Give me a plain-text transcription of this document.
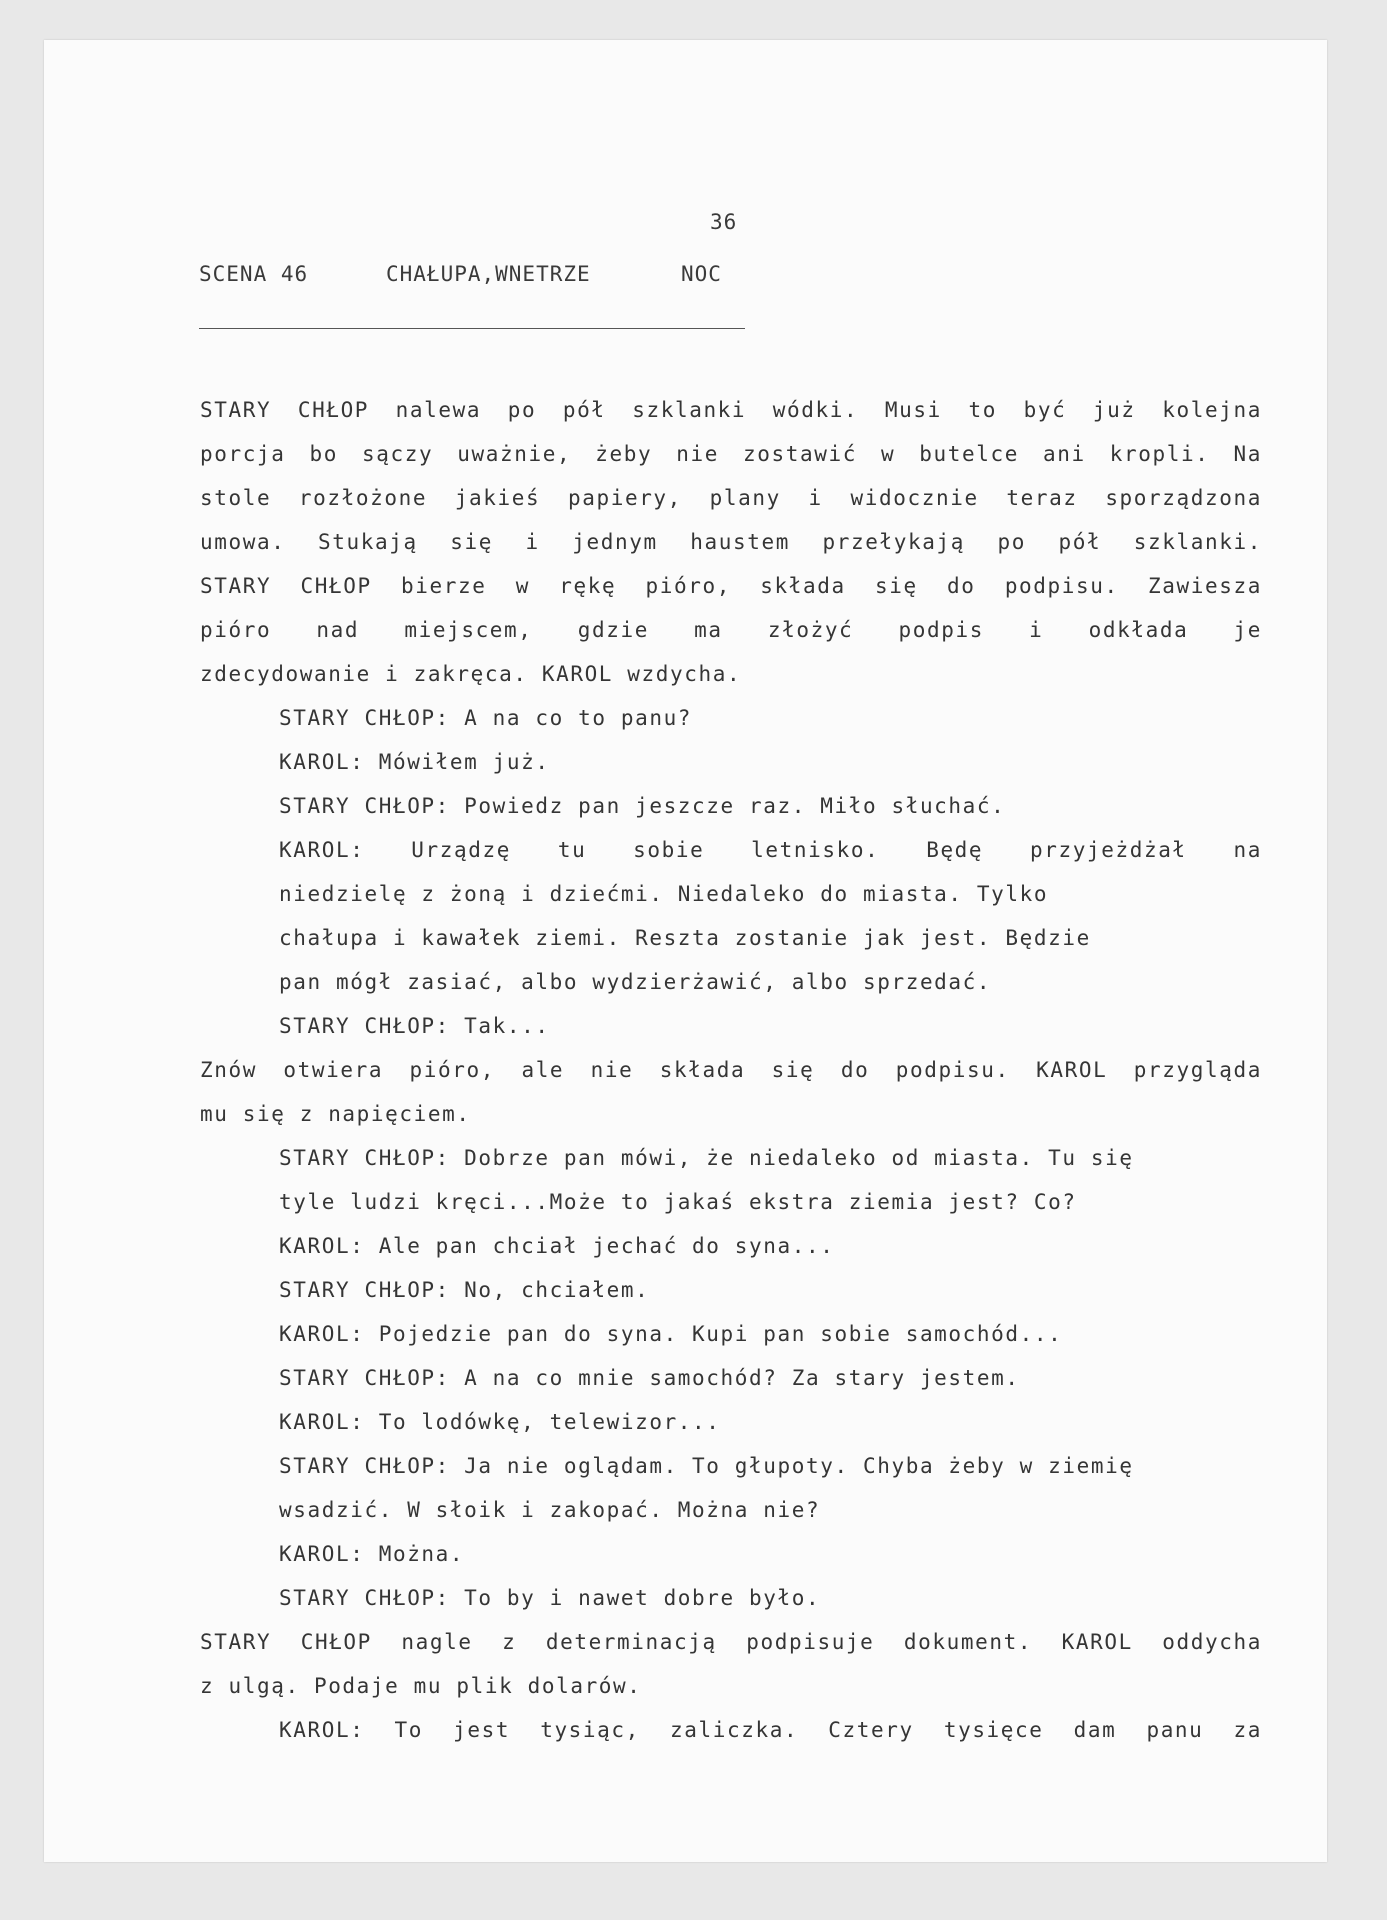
36
SCENA 46	CHAŁUPA,WNETRZE	NOC
STARY CHŁOP nalewa po pół szklanki wódki. Musi to być już kolejna
porcja bo sączy uważnie, żeby nie zostawić w butelce ani kropli. Na
stole rozłożone jakieś papiery, plany i widocznie teraz sporządzona
umowa. Stukają się i jednym haustem przełykają po pół szklanki.
STARY CHŁOP bierze w rękę pióro, składa się do podpisu. Zawiesza
pióro nad miejscem, gdzie ma złożyć podpis i odkłada je
zdecydowanie i zakręca. KAROL wzdycha.
STARY CHŁOP: A na co to panu?
KAROL: Mówiłem już.
STARY CHŁOP: Powiedz pan jeszcze raz. Miło słuchać.
KAROL: Urządzę tu sobie letnisko. Będę przyjeżdżał na
niedzielę z żoną i dziećmi. Niedaleko do miasta. Tylko
chałupa i kawałek ziemi. Reszta zostanie jak jest. Będzie
pan mógł zasiać, albo wydzierżawić, albo sprzedać.
STARY CHŁOP: Tak...
Znów otwiera pióro, ale nie składa się do podpisu. KAROL przygląda
mu się z napięciem.
STARY CHŁOP: Dobrze pan mówi, że niedaleko od miasta. Tu się
tyle ludzi kręci...Może to jakaś ekstra ziemia jest? Co?
KAROL: Ale pan chciał jechać do syna...
STARY CHŁOP: No, chciałem.
KAROL: Pojedzie pan do syna. Kupi pan sobie samochód...
STARY CHŁOP: A na co mnie samochód? Za stary jestem.
KAROL: To lodówkę, telewizor...
STARY CHŁOP: Ja nie oglądam. To głupoty. Chyba żeby w ziemię
wsadzić. W słoik i zakopać. Można nie?
KAROL: Można.
STARY CHŁOP: To by i nawet dobre było.
STARY CHŁOP nagle z determinacją podpisuje dokument. KAROL oddycha
z ulgą. Podaje mu plik dolarów.
KAROL: To jest tysiąc, zaliczka. Cztery tysięce dam panu za
